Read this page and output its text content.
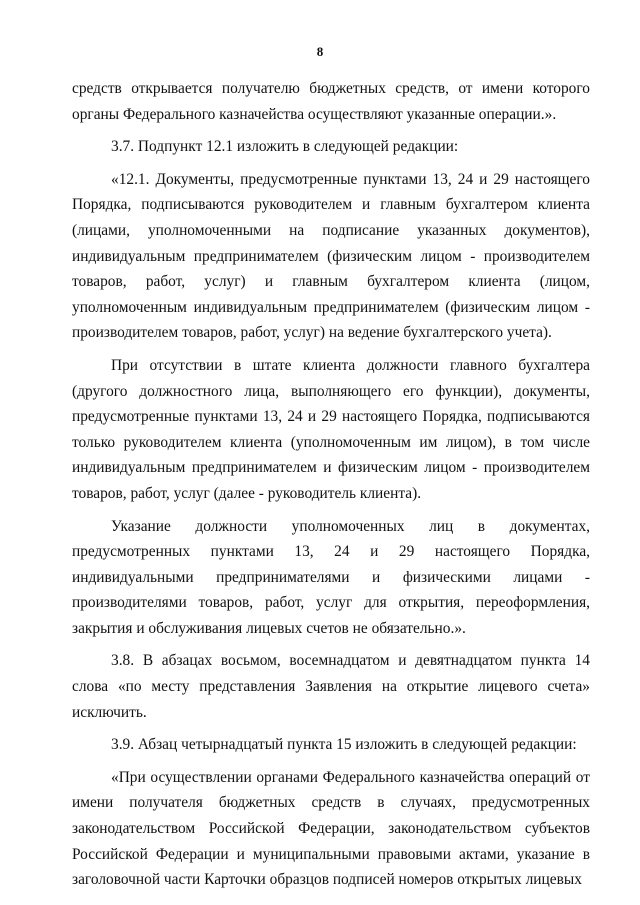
8

средств открывается получателю бюджетных средств, от имени которого органы Федерального казначейства осуществляют указанные операции.».

3.7. Подпункт 12.1 изложить в следующей редакции:

«12.1. Документы, предусмотренные пунктами 13, 24 и 29 настоящего Порядка, подписываются руководителем и главным бухгалтером клиента (лицами, уполномоченными на подписание указанных документов), индивидуальным предпринимателем (физическим лицом - производителем товаров, работ, услуг) и главным бухгалтером клиента (лицом, уполномоченным индивидуальным предпринимателем (физическим лицом - производителем товаров, работ, услуг) на ведение бухгалтерского учета).

При отсутствии в штате клиента должности главного бухгалтера (другого должностного лица, выполняющего его функции), документы, предусмотренные пунктами 13, 24 и 29 настоящего Порядка, подписываются только руководителем клиента (уполномоченным им лицом), в том числе индивидуальным предпринимателем и физическим лицом - производителем товаров, работ, услуг (далее - руководитель клиента).

Указание должности уполномоченных лиц в документах, предусмотренных пунктами 13, 24 и 29 настоящего Порядка, индивидуальными предпринимателями и физическими лицами - производителями товаров, работ, услуг для открытия, переоформления, закрытия и обслуживания лицевых счетов не обязательно.».

3.8. В абзацах восьмом, восемнадцатом и девятнадцатом пункта 14 слова «по месту представления Заявления на открытие лицевого счета» исключить.

3.9. Абзац четырнадцатый пункта 15 изложить в следующей редакции:

«При осуществлении органами Федерального казначейства операций от имени получателя бюджетных средств в случаях, предусмотренных законодательством Российской Федерации, законодательством субъектов Российской Федерации и муниципальными правовыми актами, указание в заголовочной части Карточки образцов подписей номеров открытых лицевых
